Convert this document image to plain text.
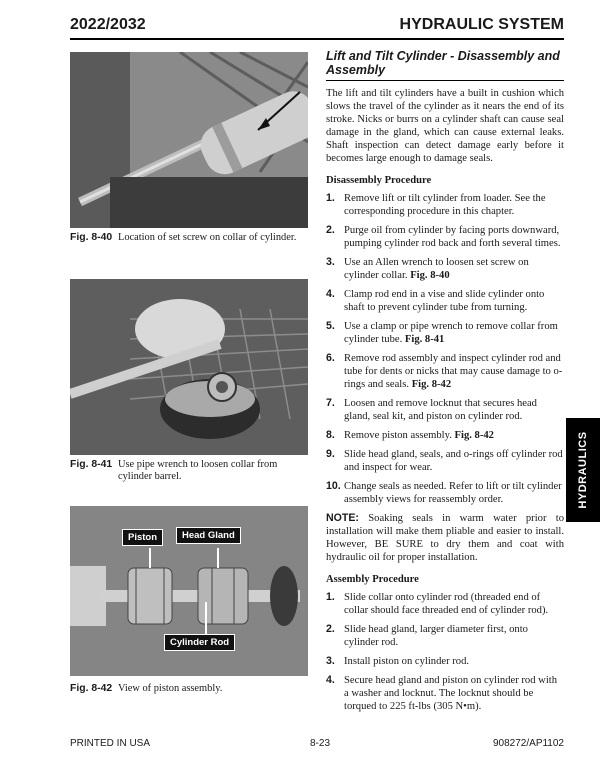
2022/2032	HYDRAULIC SYSTEM
Fig. 8-40 Location of set screw on collar of cylinder.
Fig. 8-41 Use pipe wrench to loosen collar from cylinder barrel.
Piston	Head Gland
Cylinder Rod
Fig. 8-42 View of piston assembly.
Lift and Tilt Cylinder - Disassembly and Assembly

The lift and tilt cylinders have a built in cushion which slows the travel of the cylinder as it nears the end of its stroke. Nicks or burrs on a cylinder shaft can cause seal damage in the gland, which can cause external leaks. Shaft inspection can detect damage early before it becomes large enough to damage seals.

Disassembly Procedure

1. Remove lift or tilt cylinder from loader. See the corresponding procedure in this chapter.

2. Purge oil from cylinder by facing ports downward, pumping cylinder rod back and forth several times.

3. Use an Allen wrench to loosen set screw on cylinder collar. Fig. 8-40

4. Clamp rod end in a vise and slide cylinder onto shaft to prevent cylinder tube from turning.

5. Use a clamp or pipe wrench to remove collar from cylinder tube. Fig. 8-41

6. Remove rod assembly and inspect cylinder rod and tube for dents or nicks that may cause damage to o-rings and seals. Fig. 8-42

7. Loosen and remove locknut that secures head gland, seal kit, and piston on cylinder rod.

8. Remove piston assembly. Fig. 8-42

9. Slide head gland, seals, and o-rings off cylinder rod and inspect for wear.

10. Change seals as needed. Refer to lift or tilt cylinder assembly views for reassembly order.

NOTE: Soaking seals in warm water prior to installation will make them pliable and easier to install. However, BE SURE to dry them and coat with hydraulic oil for proper installation.

Assembly Procedure

1. Slide collar onto cylinder rod (threaded end of collar should face threaded end of cylinder rod).

2. Slide head gland, larger diameter first, onto cylinder rod.

3. Install piston on cylinder rod.

4. Secure head gland and piston on cylinder rod with a washer and locknut. The locknut should be torqued to 225 ft-lbs (305 N•m).

HYDRAULICS
PRINTED IN USA	8-23	908272/AP1102
